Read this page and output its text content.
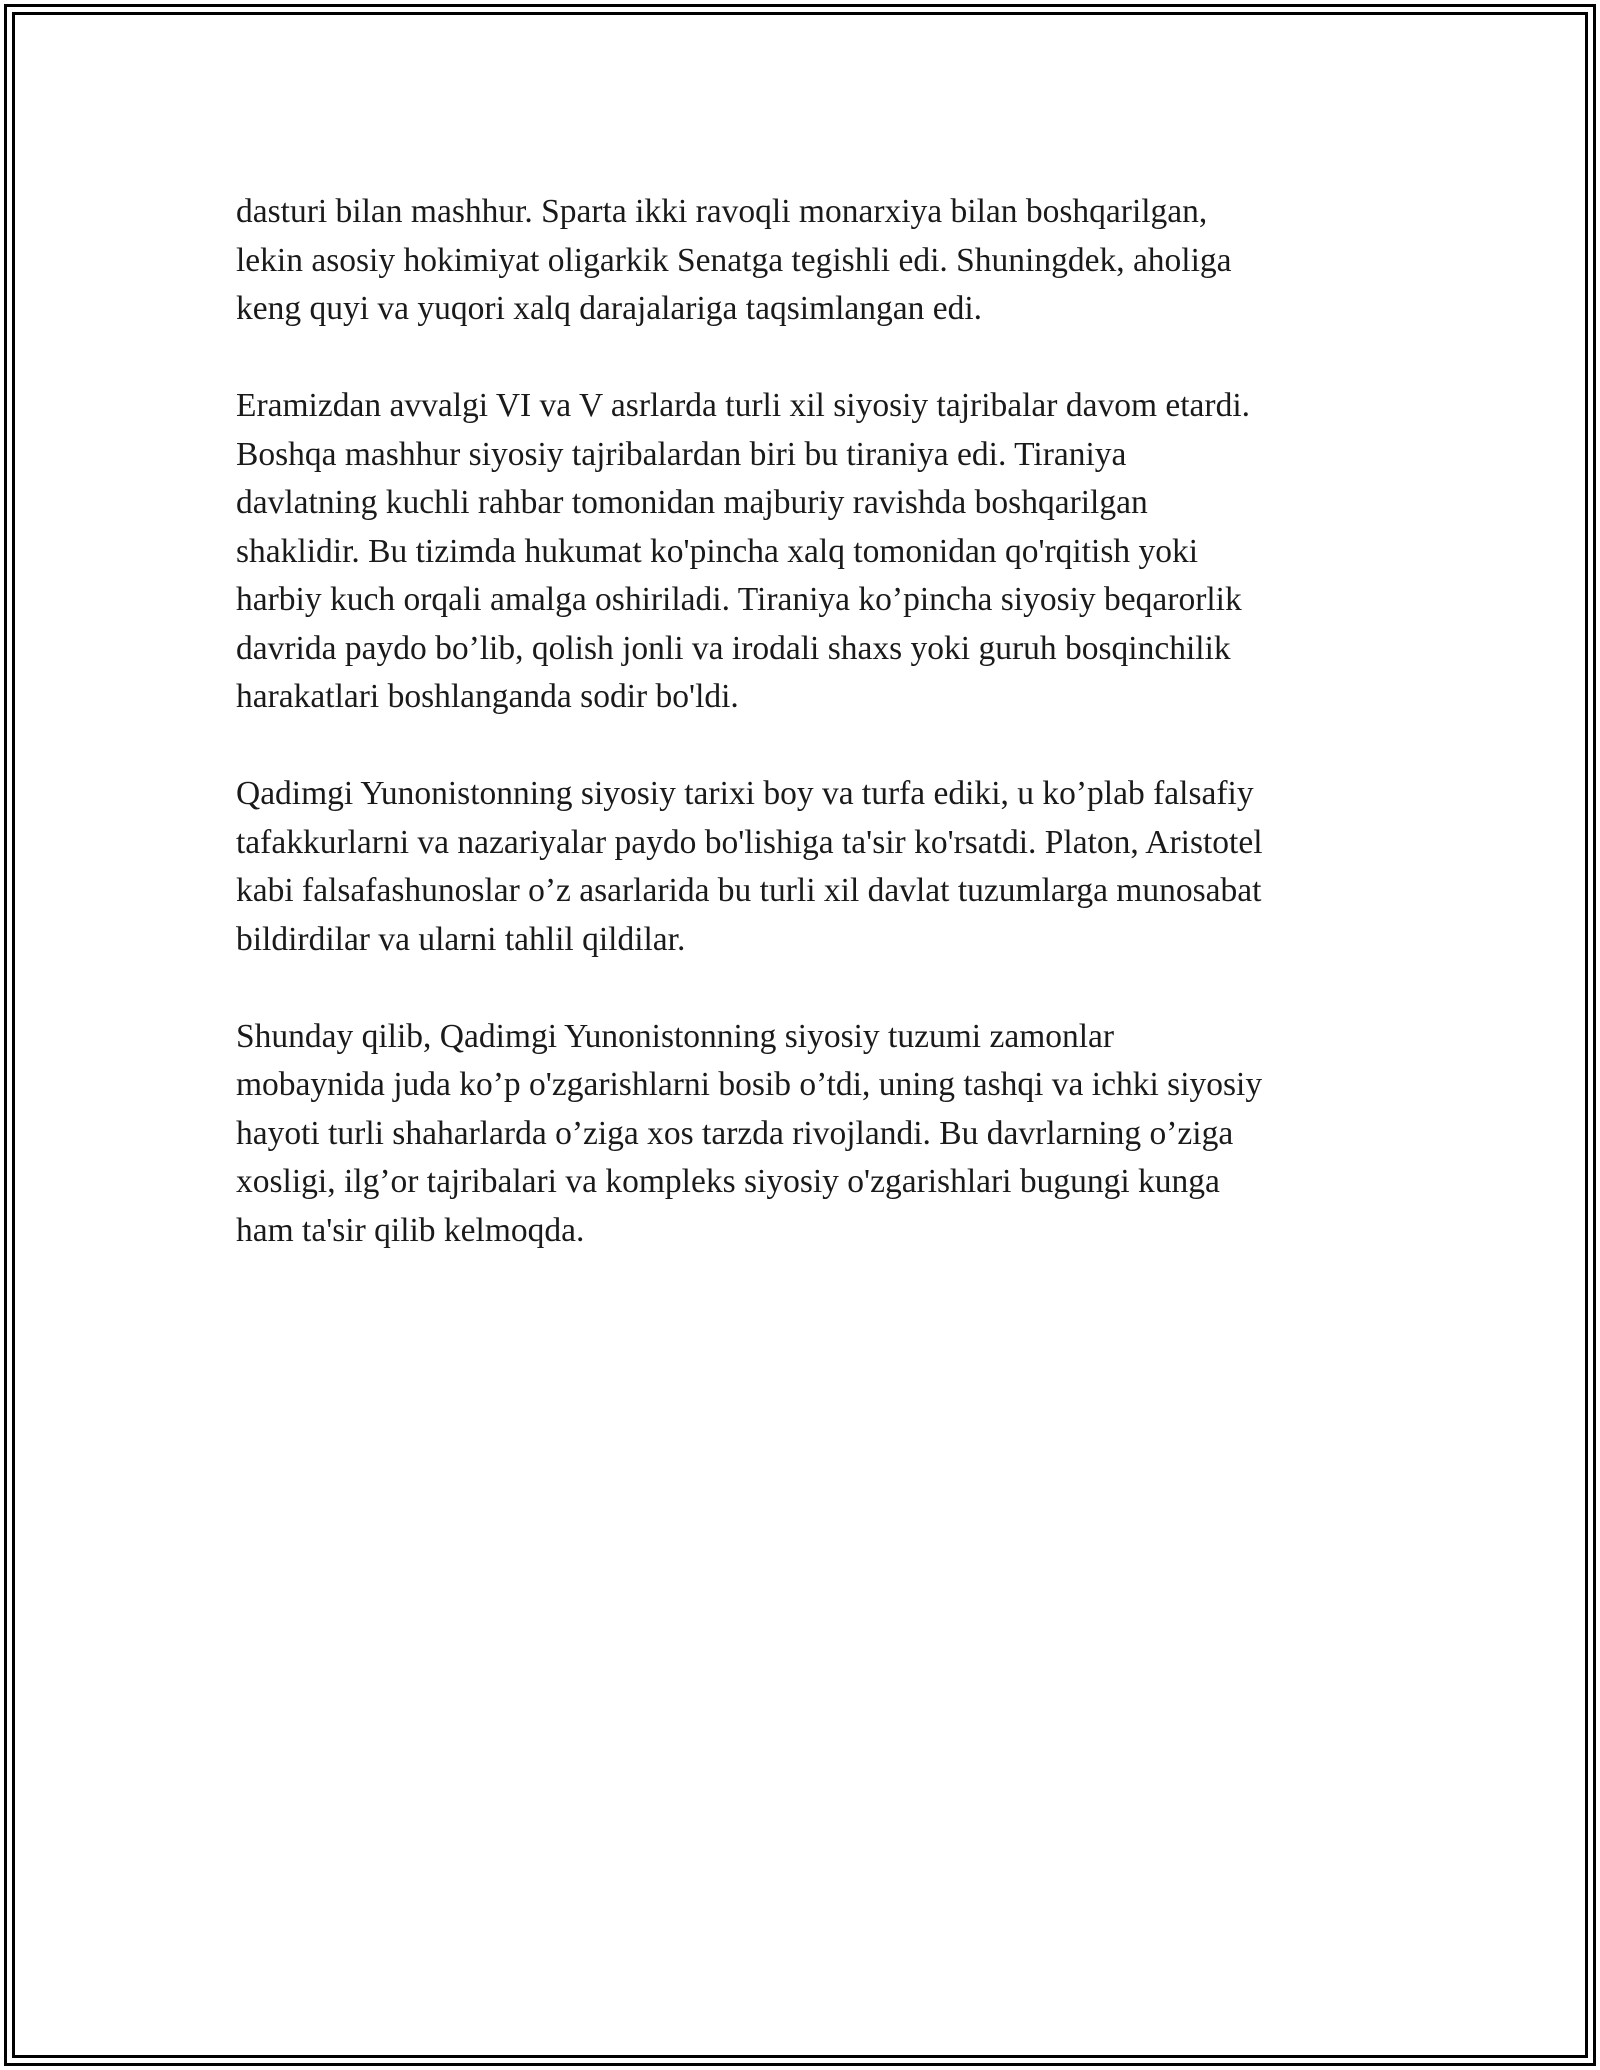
dasturi bilan mashhur. Sparta ikki ravoqli monarxiya bilan boshqarilgan,
lekin asosiy hokimiyat oligarkik Senatga tegishli edi. Shuningdek, aholiga
keng quyi va yuqori xalq darajalariga taqsimlangan edi.

Eramizdan avvalgi VI va V asrlarda turli xil siyosiy tajribalar davom etardi.
Boshqa mashhur siyosiy tajribalardan biri bu tiraniya edi. Tiraniya
davlatning kuchli rahbar tomonidan majburiy ravishda boshqarilgan
shaklidir. Bu tizimda hukumat ko'pincha xalq tomonidan qo'rqitish yoki
harbiy kuch orqali amalga oshiriladi. Tiraniya ko’pincha siyosiy beqarorlik
davrida paydo bo’lib, qolish jonli va irodali shaxs yoki guruh bosqinchilik
harakatlari boshlanganda sodir bo'ldi.

Qadimgi Yunonistonning siyosiy tarixi boy va turfa ediki, u ko’plab falsafiy
tafakkurlarni va nazariyalar paydo bo'lishiga ta'sir ko'rsatdi. Platon, Aristotel
kabi falsafashunoslar o’z asarlarida bu turli xil davlat tuzumlarga munosabat
bildirdilar va ularni tahlil qildilar.

Shunday qilib, Qadimgi Yunonistonning siyosiy tuzumi zamonlar
mobaynida juda ko’p o'zgarishlarni bosib o’tdi, uning tashqi va ichki siyosiy
hayoti turli shaharlarda o’ziga xos tarzda rivojlandi. Bu davrlarning o’ziga
xosligi, ilg’or tajribalari va kompleks siyosiy o'zgarishlari bugungi kunga
ham ta'sir qilib kelmoqda.
